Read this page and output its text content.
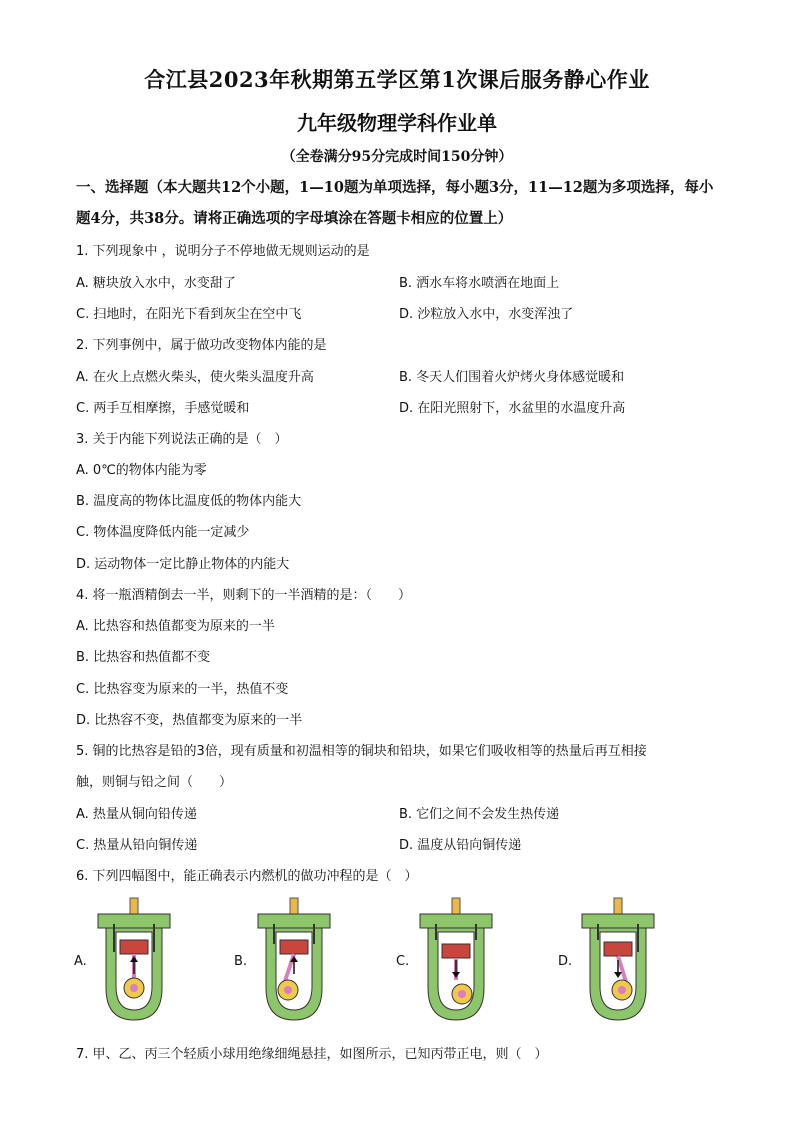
合江县2023年秋期第五学区第1次课后服务静心作业
九年级物理学科作业单
（全卷满分95分完成时间150分钟）
一、选择题（本大题共12个小题，1—10题为单项选择，每小题3分，11—12题为多项选择，每小题4分，共38分。请将正确选项的字母填涂在答题卡相应的位置上）
1. 下列现象中 ，说明分子不停地做无规则运动的是
A. 糖块放入水中，水变甜了	B. 洒水车将水喷洒在地面上
C. 扫地时，在阳光下看到灰尘在空中飞	D. 沙粒放入水中，水变浑浊了
2. 下列事例中，属于做功改变物体内能的是
A. 在火上点燃火柴头，使火柴头温度升高	B. 冬天人们围着火炉烤火身体感觉暖和
C. 两手互相摩擦，手感觉暖和	D. 在阳光照射下，水盆里的水温度升高
3. 关于内能下列说法正确的是（　）
A. 0℃的物体内能为零
B. 温度高的物体比温度低的物体内能大
C. 物体温度降低内能一定减少
D. 运动物体一定比静止物体的内能大
4. 将一瓶酒精倒去一半，则剩下的一半酒精的是：（　　）
A. 比热容和热值都变为原来的一半
B. 比热容和热值都不变
C. 比热容变为原来的一半，热值不变
D. 比热容不变，热值都变为原来的一半
5. 铜的比热容是铅的3倍，现有质量和初温相等的铜块和铅块，如果它们吸收相等的热量后再互相接
触，则铜与铅之间（　　）
A. 热量从铜向铅传递	B. 它们之间不会发生热传递
C. 热量从铅向铜传递	D. 温度从铅向铜传递
6. 下列四幅图中，能正确表示内燃机的做功冲程的是（　）
A.	B.	C.	D.
7. 甲、乙、丙三个轻质小球用绝缘细绳悬挂，如图所示，已知丙带正电，则（　）
